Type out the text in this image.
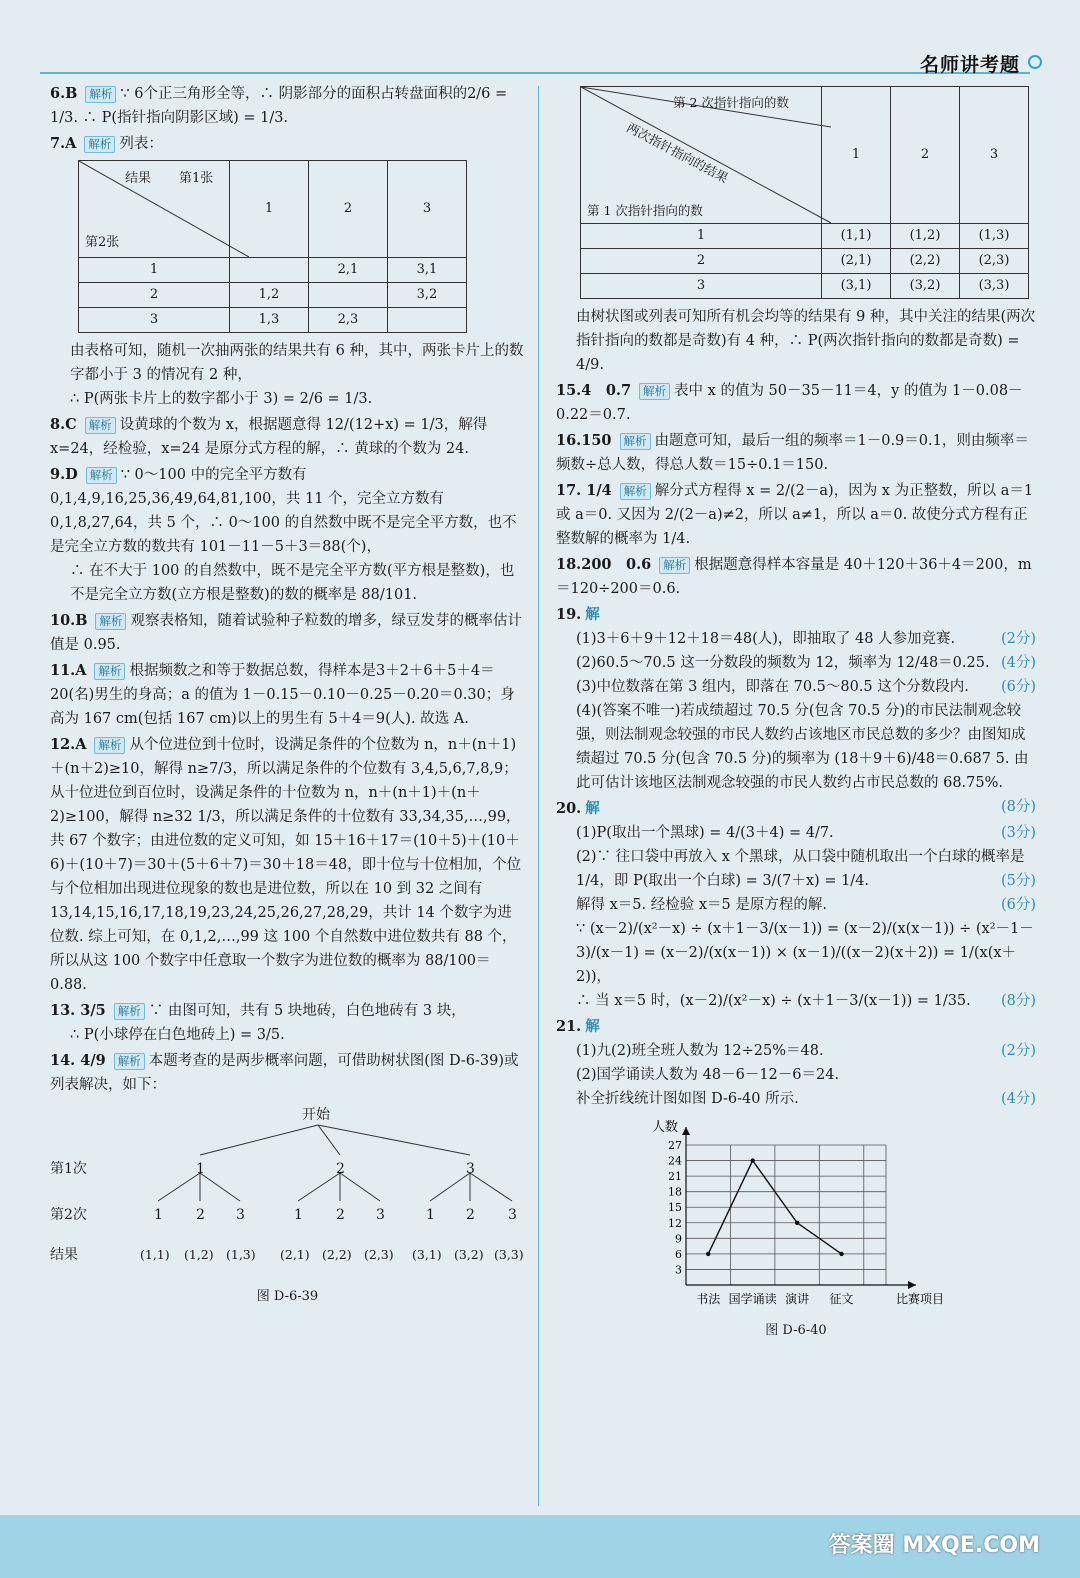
名师讲考题
6.B 解析 ∵ 6个正三角形全等，∴ 阴影部分的面积占转盘面积的2/6 = 1/3. ∴ P(指针指向阴影区域) = 1/3.
7.A 解析 列表：
结果 第1张
第2张	1	2	3
1		2,1	3,1
2	1,2		3,2
3	1,3	2,3	
由表格可知，随机一次抽两张的结果共有 6 种，其中，两张卡片上的数字都小于 3 的情况有 2 种，
∴ P(两张卡片上的数字都小于 3) = 2/6 = 1/3.
8.C 解析 设黄球的个数为 x，根据题意得 12/(12+x) = 1/3，解得 x=24，经检验，x=24 是原分式方程的解，∴ 黄球的个数为 24.
9.D 解析 ∵ 0～100 中的完全平方数有 0,1,4,9,16,25,36,49,64,81,100，共 11 个，完全立方数有 0,1,8,27,64，共 5 个，∴ 0～100 的自然数中既不是完全平方数，也不是完全立方数的数共有 101－11－5＋3＝88(个)，
∴ 在不大于 100 的自然数中，既不是完全平方数(平方根是整数)，也不是完全立方数(立方根是整数)的数的概率是 88/101.
10.B 解析 观察表格知，随着试验种子粒数的增多，绿豆发芽的概率估计值是 0.95.
11.A 解析 根据频数之和等于数据总数，得样本是3＋2＋6＋5＋4＝20(名)男生的身高；a 的值为 1－0.15－0.10－0.25－0.20＝0.30；身高为 167 cm(包括 167 cm)以上的男生有 5＋4＝9(人). 故选 A.
12.A 解析 从个位进位到十位时，设满足条件的个位数为 n，n＋(n＋1)＋(n＋2)≥10，解得 n≥7/3，所以满足条件的个位数有 3,4,5,6,7,8,9；从十位进位到百位时，设满足条件的十位数为 n，n＋(n＋1)＋(n＋2)≥100，解得 n≥32 1/3，所以满足条件的十位数有 33,34,35,…,99，共 67 个数字；由进位数的定义可知，如 15＋16＋17＝(10＋5)＋(10＋6)＋(10＋7)＝30＋(5＋6＋7)＝30＋18＝48，即十位与十位相加，个位与个位相加出现进位现象的数也是进位数，所以在 10 到 32 之间有 13,14,15,16,17,18,19,23,24,25,26,27,28,29，共计 14 个数字为进位数. 综上可知，在 0,1,2,…,99 这 100 个自然数中进位数共有 88 个，所以从这 100 个数字中任意取一个数字为进位数的概率为 88/100＝0.88.
13. 3/5 解析 ∵ 由图可知，共有 5 块地砖，白色地砖有 3 块，
∴ P(小球停在白色地砖上) = 3/5.
14. 4/9 解析 本题考查的是两步概率问题，可借助树状图(图 D-6-39)或列表解决，如下：
开始
第1次
第2次
结果
1	2	3
1 2 3	1 2 3	1 2 3
(1,1) (1,2) (1,3) (2,1) (2,2) (2,3) (3,1) (3,2) (3,3)
图 D-6-39
第 2 次指针指向的数
两次指针指向的结果
第 1 次指针指向的数	1	2	3
1	(1,1)	(1,2)	(1,3)
2	(2,1)	(2,2)	(2,3)
3	(3,1)	(3,2)	(3,3)
由树状图或列表可知所有机会均等的结果有 9 种，其中关注的结果(两次指针指向的数都是奇数)有 4 种，∴ P(两次指针指向的数都是奇数) = 4/9.
15.4　0.7 解析 表中 x 的值为 50－35－11＝4，y 的值为 1－0.08－0.22＝0.7.
16.150 解析 由题意可知，最后一组的频率＝1－0.9＝0.1，则由频率＝频数÷总人数，得总人数＝15÷0.1＝150.
17. 1/4 解析 解分式方程得 x = 2/(2－a)，因为 x 为正整数，所以 a＝1 或 a＝0. 又因为 2/(2－a)≠2，所以 a≠1，所以 a＝0. 故使分式方程有正整数解的概率为 1/4.
18.200　0.6 解析 根据题意得样本容量是 40＋120＋36＋4＝200，m＝120÷200＝0.6.
19. 解
(1)3＋6＋9＋12＋18＝48(人)，即抽取了 48 人参加竞赛.	(2分)
(2)60.5～70.5 这一分数段的频数为 12，频率为 12/48＝0.25. (4分)
(3)中位数落在第 3 组内，即落在 70.5～80.5 这个分数段内. (6分)
(4)(答案不唯一)若成绩超过 70.5 分(包含 70.5 分)的市民法制观念较强，则法制观念较强的市民人数约占该地区市民总数的多少？由图知成绩超过 70.5 分(包含 70.5 分)的频率为 (18＋9＋6)/48＝0.687 5. 由此可估计该地区法制观念较强的市民人数约占市民总数的 68.75%.
(8分)
20. 解
(1)P(取出一个黑球) = 4/(3＋4) = 4/7.	(3分)
(2)∵ 往口袋中再放入 x 个黑球，从口袋中随机取出一个白球的概率是 1/4，即 P(取出一个白球) = 3/(7＋x) = 1/4.	(5分)
解得 x＝5. 经检验 x＝5 是原方程的解.	(6分)
∵ (x－2)/(x²－x) ÷ (x＋1－3/(x－1)) = (x－2)/(x(x－1)) ÷ (x²－1－3)/(x－1) = (x－2)/(x(x－1)) × (x－1)/((x－2)(x＋2)) = 1/(x(x＋2))，
∴ 当 x＝5 时，(x－2)/(x²－x) ÷ (x＋1－3/(x－1)) = 1/35. (8分)
21. 解
(1)九(2)班全班人数为 12÷25%＝48.	(2分)
(2)国学诵读人数为 48－6－12－6＝24.
补全折线统计图如图 D-6-40 所示.	(4分)
3
6
9
12
15
18
21
24
27
人数
比赛项目
书法 国学诵读 演讲 征文
图 D-6-40
答案圈 MXQE.COM
